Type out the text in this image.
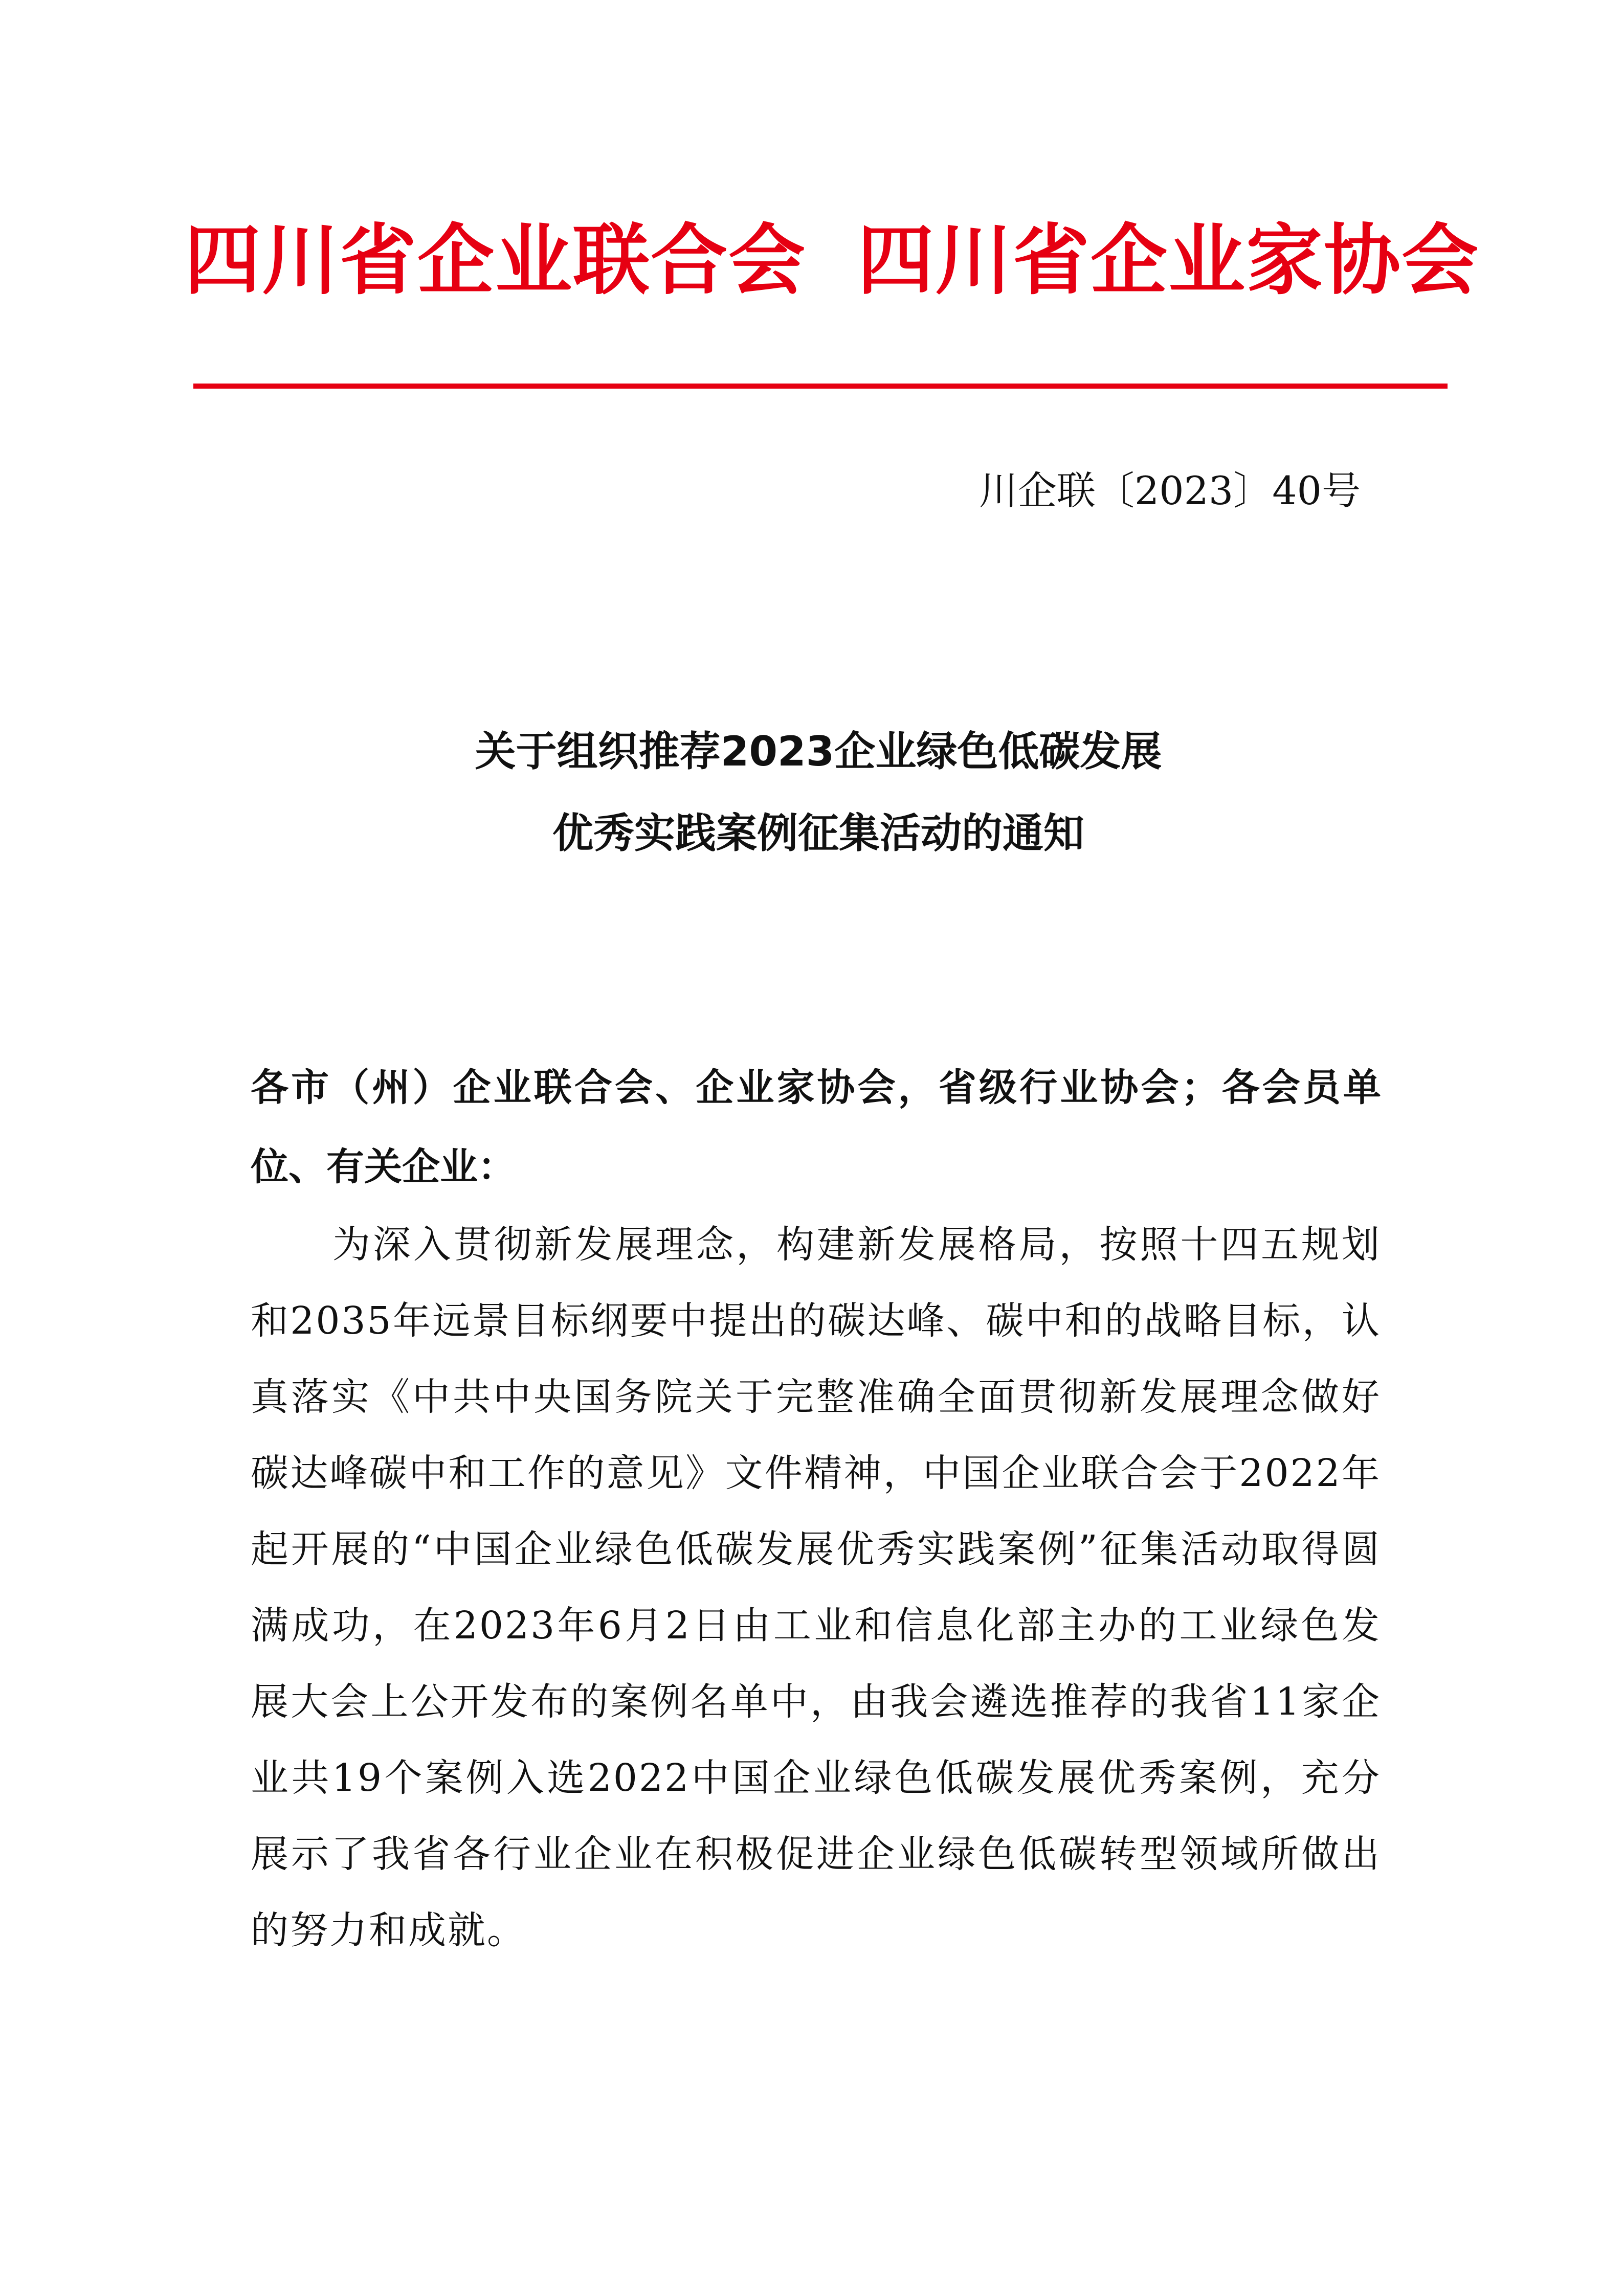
四川省企业联合会 四川省企业家协会
川企联〔2023〕40号
关于组织推荐2023企业绿色低碳发展
优秀实践案例征集活动的通知

各市（州）企业联合会、企业家协会，省级行业协会；各会员单位、有关企业：

为深入贯彻新发展理念，构建新发展格局，按照十四五规划和2035年远景目标纲要中提出的碳达峰、碳中和的战略目标，认真落实《中共中央国务院关于完整准确全面贯彻新发展理念做好碳达峰碳中和工作的意见》文件精神，中国企业联合会于2022年起开展的“中国企业绿色低碳发展优秀实践案例”征集活动取得圆满成功，在2023年6月2日由工业和信息化部主办的工业绿色发展大会上公开发布的案例名单中，由我会遴选推荐的我省11家企业共19个案例入选2022中国企业绿色低碳发展优秀案例，充分展示了我省各行业企业在积极促进企业绿色低碳转型领域所做出的努力和成就。
